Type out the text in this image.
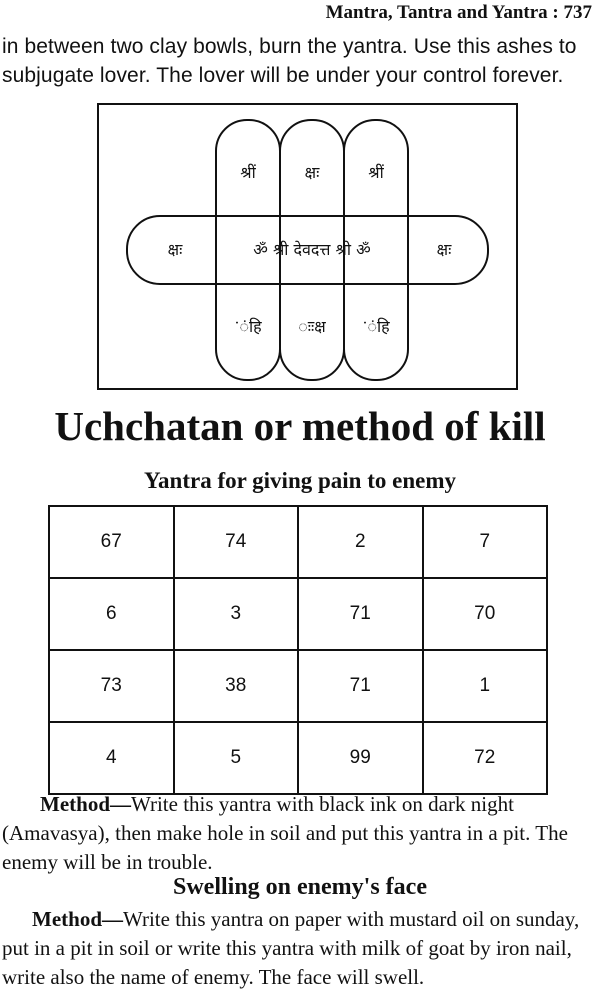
Mantra, Tantra and Yantra : 737
in between two clay bowls, burn the yantra. Use this ashes to
subjugate lover. The lover will be under your control forever.
श्रीं	क्षः	श्रीं
क्षः	ॐ श्री देवदत्त श्री ॐ	क्षः
ॱंहि	ःःक्ष	ॱंहि
Uchchatan or method of kill
Yantra for giving pain to enemy
67	74	2	7
6	3	71	70
73	38	71	1
4	5	99	72
Method—Write this yantra with black ink on dark night (Amavasya), then make hole in soil and put this yantra in a pit. The enemy will be in trouble.
Swelling on enemy's face
Method—Write this yantra on paper with mustard oil on sunday, put in a pit in soil or write this yantra with milk of goat by iron nail, write also the name of enemy. The face will swell.
